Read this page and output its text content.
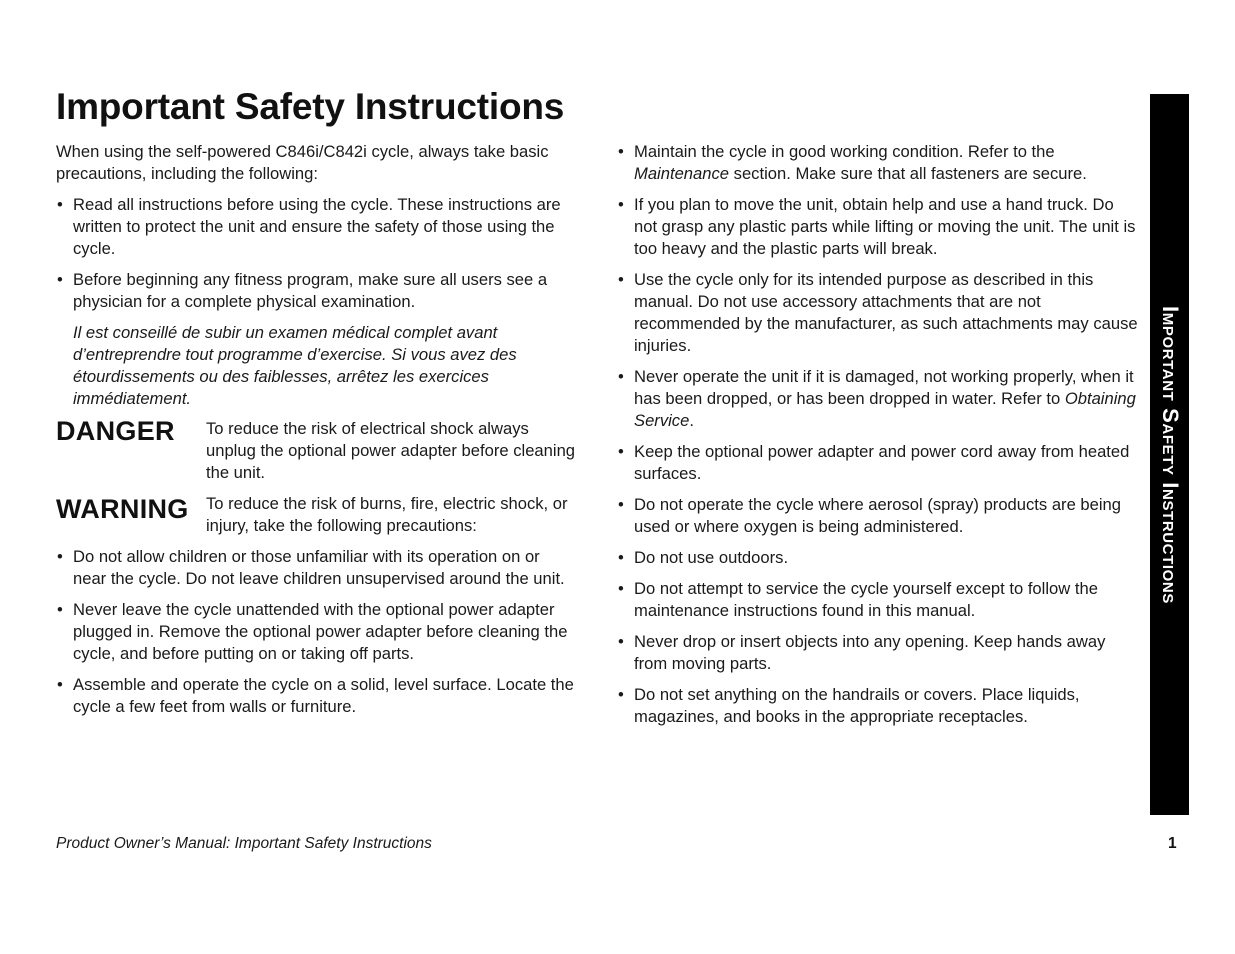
Important Safety Instructions

When using the self-powered C846i/C842i cycle, always take basic precautions, including the following:

• Read all instructions before using the cycle. These instructions are written to protect the unit and ensure the safety of those using the cycle.
• Before beginning any fitness program, make sure all users see a physician for a complete physical examination.

Il est conseillé de subir un examen médical complet avant d’entreprendre tout programme d’exercise. Si vous avez des étourdissements ou des faiblesses, arrêtez les exercices immédiatement.

DANGER	To reduce the risk of electrical shock always unplug the optional power adapter before cleaning the unit.
WARNING	To reduce the risk of burns, fire, electric shock, or injury, take the following precautions:
• Do not allow children or those unfamiliar with its operation on or near the cycle. Do not leave children unsupervised around the unit.
• Never leave the cycle unattended with the optional power adapter plugged in. Remove the optional power adapter before cleaning the cycle, and before putting on or taking off parts.
• Assemble and operate the cycle on a solid, level surface. Locate the cycle a few feet from walls or furniture.
• Maintain the cycle in good working condition. Refer to the Maintenance section. Make sure that all fasteners are secure.
• If you plan to move the unit, obtain help and use a hand truck. Do not grasp any plastic parts while lifting or moving the unit. The unit is too heavy and the plastic parts will break.
• Use the cycle only for its intended purpose as described in this manual. Do not use accessory attachments that are not recommended by the manufacturer, as such attachments may cause injuries.
• Never operate the unit if it is damaged, not working properly, when it has been dropped, or has been dropped in water. Refer to Obtaining Service.
• Keep the optional power adapter and power cord away from heated surfaces.
• Do not operate the cycle where aerosol (spray) products are being used or where oxygen is being administered.
• Do not use outdoors.
• Do not attempt to service the cycle yourself except to follow the maintenance instructions found in this manual.
• Never drop or insert objects into any opening. Keep hands away from moving parts.
• Do not set anything on the handrails or covers. Place liquids, magazines, and books in the appropriate receptacles.
Important Safety Instructions
Product Owner’s Manual: Important Safety Instructions	1
